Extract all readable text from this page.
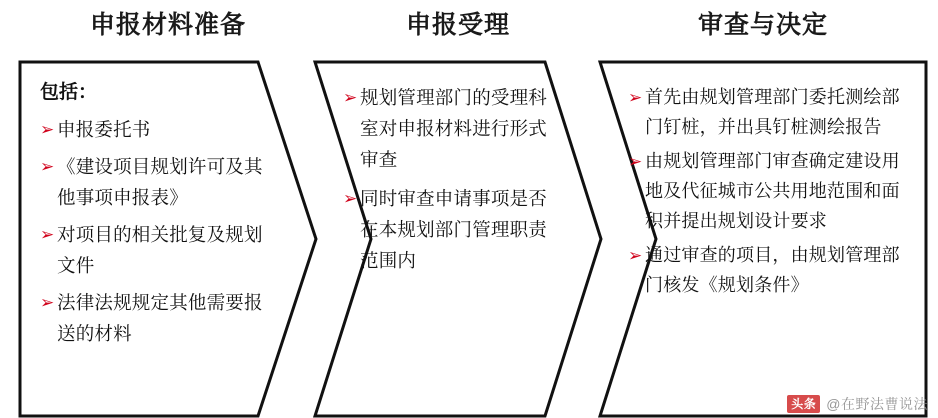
申报材料准备
包括：
➢ 申报委托书
➢ 《建设项目规划许可及其他事项申报表》
➢ 对项目的相关批复及规划文件
➢ 法律法规规定其他需要报送的材料
申报受理
➢ 规划管理部门的受理科室对申报材料进行形式审查
➢ 同时审查申请事项是否在本规划部门管理职责范围内
审查与决定
➢ 首先由规划管理部门委托测绘部门钉桩，并出具钉桩测绘报告
➢ 由规划管理部门审查确定建设用地及代征城市公共用地范围和面积并提出规划设计要求
➢ 通过审查的项目，由规划管理部门核发《规划条件》
头条 @在野法曹说法
